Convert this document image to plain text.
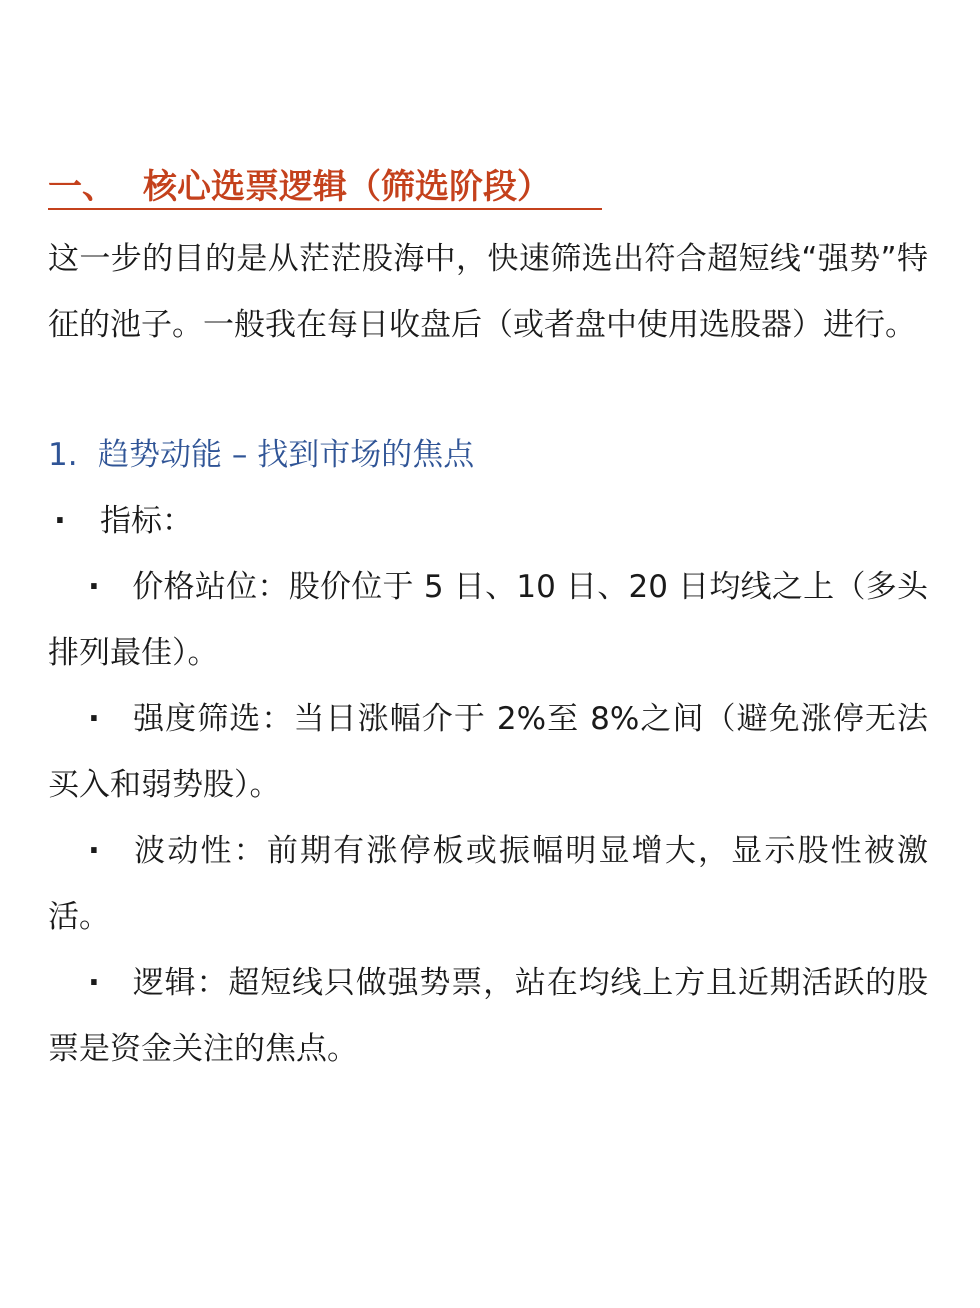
一、 核心选票逻辑（筛选阶段）
这一步的目的是从茫茫股海中，快速筛选出符合超短线“强势”特征的池子。一般我在每日收盘后（或者盘中使用选股器）进行。
1. 趋势动能 – 找到市场的焦点
· 指标：
· 价格站位：股价位于 5 日、10 日、20 日均线之上（多头排列最佳）。
· 强度筛选：当日涨幅介于 2%至 8%之间（避免涨停无法买入和弱势股）。
· 波动性：前期有涨停板或振幅明显增大，显示股性被激活。
· 逻辑：超短线只做强势票，站在均线上方且近期活跃的股票是资金关注的焦点。
